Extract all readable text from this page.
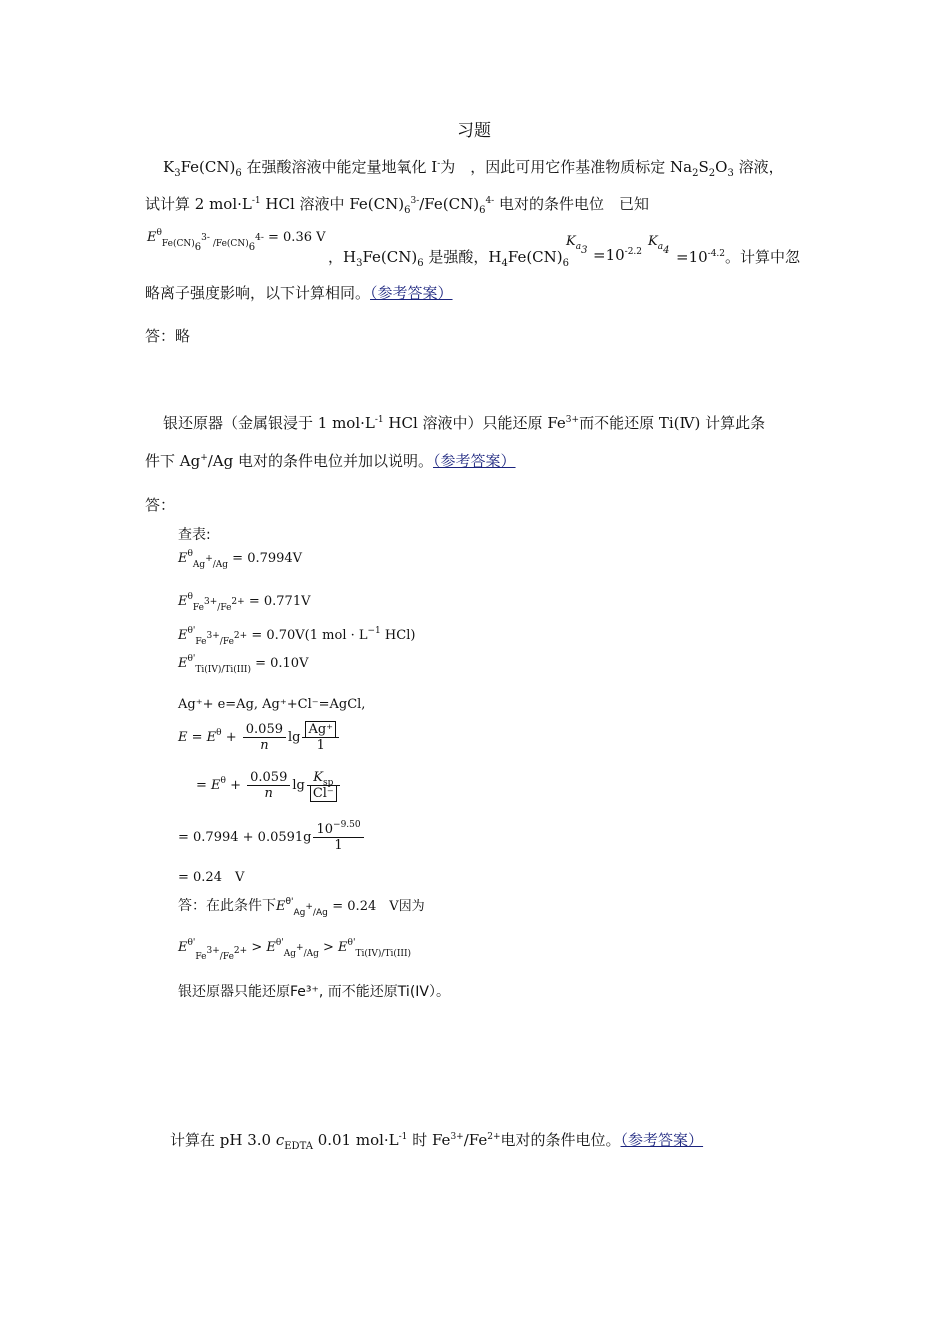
习题
$K_3Fe(CN)_6$ 在强酸溶液中能定量地氧化 I-为　，因此可用它作基准物质标定 $Na_2S_2O_3$ 溶液，
试计算 2 $mol\cdot L^{-1}$ HCl 溶液中 $Fe(CN)_6^{3-}/Fe(CN)_6^{4-}$ 电对的条件电位　已知
$E^\theta_{Fe(CN)_6^{3-} /Fe(CN)_6^{4-}} = 0.36$ V
，$H_3Fe(CN)_6$ 是强酸，$H_4Fe(CN)_6$
$K_{a_3} =10^{-2.2}$
$K_{a_4} =10^{-4.2}$。计算中忽
略离子强度影响，以下计算相同。（参考答案）
答：略
银还原器（金属银浸于 1 $mol\cdot L^{-1}$ HCl 溶液中）只能还原 $Fe^{3+}$而不能还原 Ti(Ⅳ) 计算此条
件下 Ag+/Ag 电对的条件电位并加以说明。（参考答案）
答：
查表:
$E^\theta_{Ag^+/Ag} = 0.7994V$
$E^\theta_{Fe^{3+}/Fe^{2+}} = 0.771V$
$E^{\theta'}_{Fe^{3+}/Fe^{2+}} = 0.70V(1$ mol · $L^{-1}$ HCl)
$E^{\theta'}_{Ti(IV)/Ti(III)} = 0.10V$
Ag⁺+ e=Ag, Ag⁺+Cl⁻=AgCl,
$E = E^\theta + \frac{0.059}{n}$ $\lg \frac{Ag^+}{1}$
= $E^\theta + \frac{0.059}{n}$ $\lg \frac{K_{sp}}{Cl^-}$
= $0.7994 + 0.0591g \frac{10^{-9.50}}{1}$
= 0.24　V
答：在此条件下$E^{\theta'}_{Ag^+/Ag} = 0.24$　V因为
$E^{\theta'}_{Fe^{3+}/Fe^{2+}} > E^{\theta'}_{Ag^+/Ag} > E^{\theta'}_{Ti(IV)/Ti(III)}$
银还原器只能还原Fe³⁺, 而不能还原Ti(IV）。
计算在 pH 3.0 $c_{EDTA}$ 0.01 $mol\cdot L^{-1}$ 时 $Fe^{3+}/Fe^{2+}$电对的条件电位。（参考答案）
